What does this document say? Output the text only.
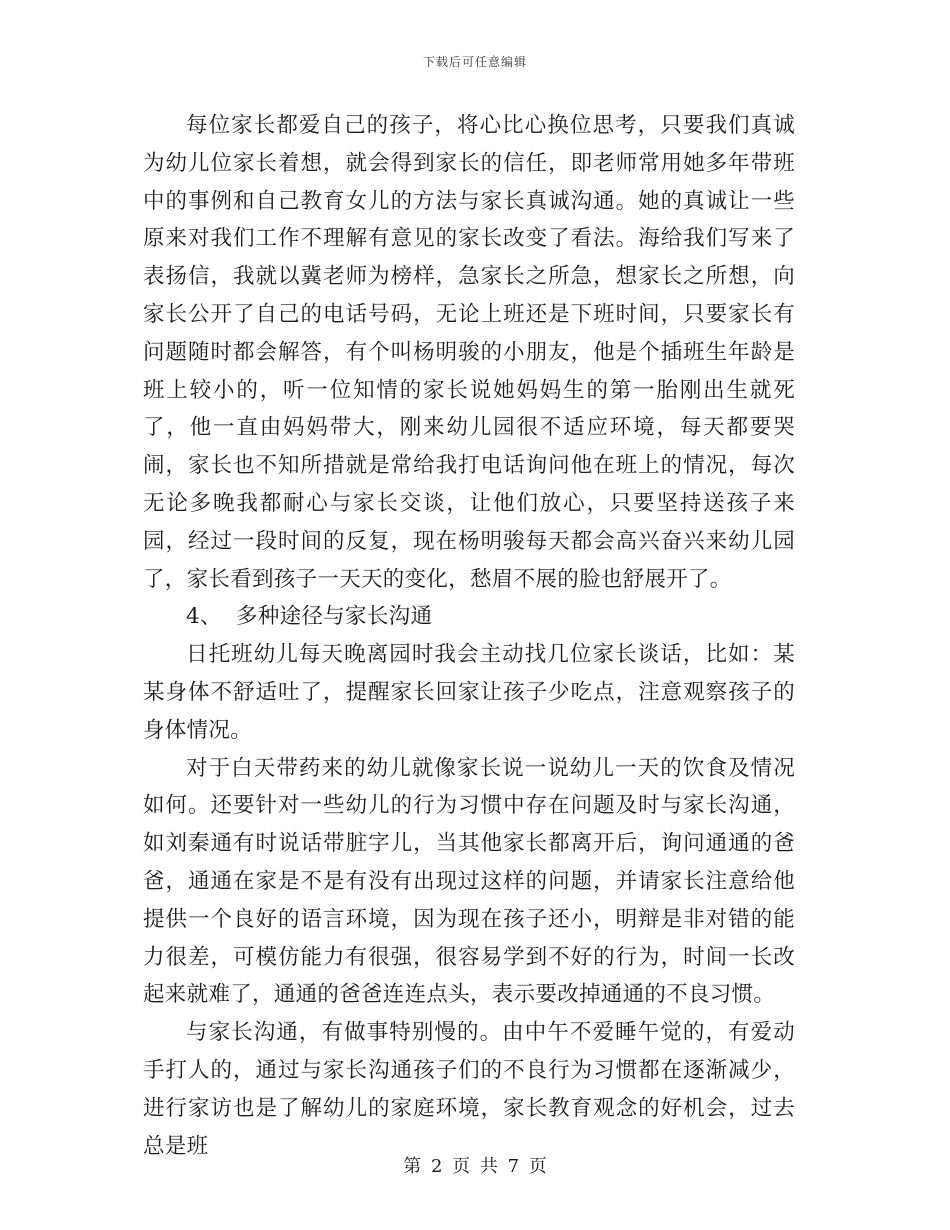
下载后可任意编辑

每位家长都爱自己的孩子，将心比心换位思考，只要我们真诚为幼儿位家长着想，就会得到家长的信任，即老师常用她多年带班中的事例和自己教育女儿的方法与家长真诚沟通。她的真诚让一些原来对我们工作不理解有意见的家长改变了看法。海给我们写来了表扬信，我就以冀老师为榜样，急家长之所急，想家长之所想，向家长公开了自己的电话号码，无论上班还是下班时间，只要家长有问题随时都会解答，有个叫杨明骏的小朋友，他是个插班生年龄是班上较小的，听一位知情的家长说她妈妈生的第一胎刚出生就死了，他一直由妈妈带大，刚来幼儿园很不适应环境，每天都要哭闹，家长也不知所措就是常给我打电话询问他在班上的情况，每次无论多晚我都耐心与家长交谈，让他们放心，只要坚持送孩子来园，经过一段时间的反复，现在杨明骏每天都会高兴奋兴来幼儿园了，家长看到孩子一天天的变化，愁眉不展的脸也舒展开了。

4、  多种途径与家长沟通

日托班幼儿每天晚离园时我会主动找几位家长谈话，比如：某某身体不舒适吐了，提醒家长回家让孩子少吃点，注意观察孩子的身体情况。

对于白天带药来的幼儿就像家长说一说幼儿一天的饮食及情况如何。还要针对一些幼儿的行为习惯中存在问题及时与家长沟通，如刘秦通有时说话带脏字儿，当其他家长都离开后，询问通通的爸爸，通通在家是不是有没有出现过这样的问题，并请家长注意给他提供一个良好的语言环境，因为现在孩子还小，明辩是非对错的能力很差，可模仿能力有很强，很容易学到不好的行为，时间一长改起来就难了，通通的爸爸连连点头，表示要改掉通通的不良习惯。

与家长沟通，有做事特别慢的。由中午不爱睡午觉的，有爱动手打人的，通过与家长沟通孩子们的不良行为习惯都在逐渐减少，进行家访也是了解幼儿的家庭环境，家长教育观念的好机会，过去总是班

第 2 页 共 7 页
